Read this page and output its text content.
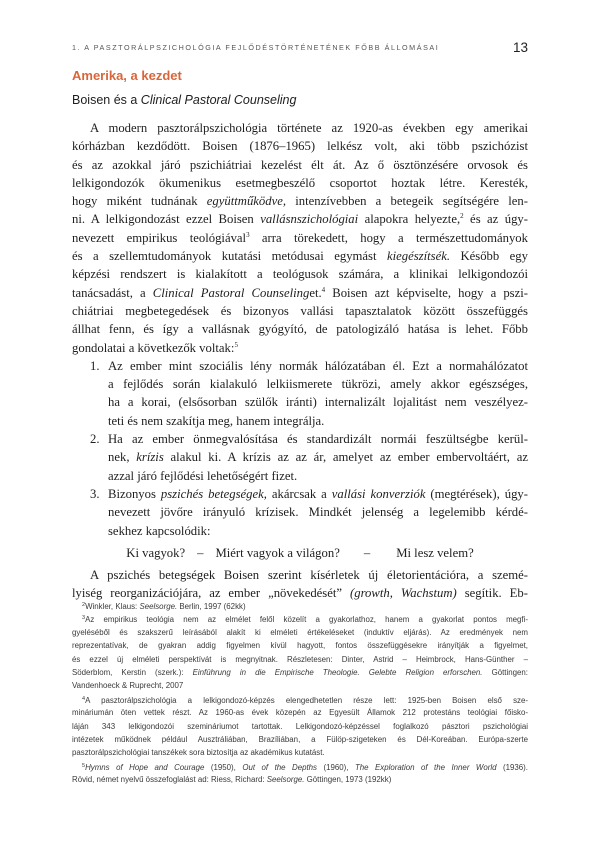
1. A PASZTORÁLPSZICHOLÓGIA FEJLŐDÉSTÖRTÉNETÉNEK FŐBB ÁLLOMÁSAI	13
Amerika, a kezdet
Boisen és a Clinical Pastoral Counseling
A modern pasztorálpszichológia története az 1920-as években egy amerikai
kórházban kezdődött. Boisen (1876–1965) lelkész volt, aki több pszichózist
és az azokkal járó pszichiátriai kezelést élt át. Az ő ösztönzésére orvosok és
lelkigondozók ökumenikus esetmegbeszélő csoportot hoztak létre. Keresték,
hogy miként tudnának együttműködve, intenzívebben a betegeik segítségére len-
ni. A lelkigondozást ezzel Boisen vallásпszichológiai alapokra helyezte,$^2$ és az úgy-
nevezett empirikus teológiával$^3$ arra törekedett, hogy a természettudományok
és a szellemtudományok kutatási metódusai egymást kiegészítsék. Később egy
képzési rendszert is kialakított a teológusok számára, a klinikai lelkigondozói
tanácsadást, a Clinical Pastoral Counselinget.$^4$ Boisen azt képviselte, hogy a pszi-
chiátriai megbetegedések és bizonyos vallási tapasztalatok között összefüggés
állhat fenn, és így a vallásnak gyógyító, de patologizáló hatása is lehet. Főbb
gondolatai a következők voltak:$^5$
1. Az ember mint szociális lény normák hálózatában él. Ezt a normahálózatot
a fejlődés során kialakuló lelkiismerete tükrözi, amely akkor egészséges,
ha a korai, (elsősorban szülők iránti) internalizált lojalitást nem veszélyez-
teti és nem szakítja meg, hanem integrálja.
2. Ha az ember önmegvalósítása és standardizált normái feszültségbe kerül-
nek, krízis alakul ki. A krízis az az ár, amelyet az ember embervoltáért, az
azzal járó fejlődési lehetőségért fizet.
3. Bizonyos pszichés betegségek, akárcsak a vallási konverziók (megtérések), úgy-
nevezett jövőre irányuló krízisek. Mindkét jelenség a legelemibb kérdé-
sekhez kapcsolódik:
Ki vagyok? – Miért vagyok a világon?	–	Mi lesz velem?
A pszichés betegségek Boisen szerint kísérletek új életorientációra, a szemé-
lyiség reorganizációjára, az ember „növekedését” (growth, Wachstum) segítik. Eb-
$^2$Winkler, Klaus: Seelsorge. Berlin, 1997 (62kk)
$^3$Az empirikus teológia nem az elmélet felől közelít a gyakorlathoz, hanem a gyakorlat pontos megfi-
gyeléséből és szakszerű leírásából alakít ki elméleti értékeléseket (induktív eljárás). Az eredmények nem
reprezentatívak, de gyakran addig figyelmen kívül hagyott, fontos összefüggésekre irányítják a figyelmet,
és ezzel új elméleti perspektívát is megnyitnak. Részletesen: Dinter, Astrid – Heimbrock, Hans-Günther –
Söderblom, Kerstin (szerk.): Einführung in die Empirische Theologie. Gelebte Religion erforschen. Göttingen:
Vandenhoeck & Ruprecht, 2007
$^4$A pasztorálpszichológia a lelkigondozó-képzés elengedhetetlen része lett: 1925-ben Boisen első sze-
mináriumán öten vettek részt. Az 1960-as évek közepén az Egyesült Államok 212 protestáns teológiai főisko-
láján 343 lelkigondozói szemináriumot tartottak. Lelkigondozó-képzéssel foglalkozó pásztori pszichológiai
intézetek működnek például Ausztráliában, Brazíliában, a Fülöp-szigeteken és Dél-Koreában. Európa-szerte
pasztorálpszichológiai tanszékek sora biztosítja az akadémikus kutatást.
$^5$Hymns of Hope and Courage (1950), Out of the Depths (1960), The Exploration of the Inner World (1936).
Rövid, német nyelvű összefoglalást ad: Riess, Richard: Seelsorge. Göttingen, 1973 (192kk)
